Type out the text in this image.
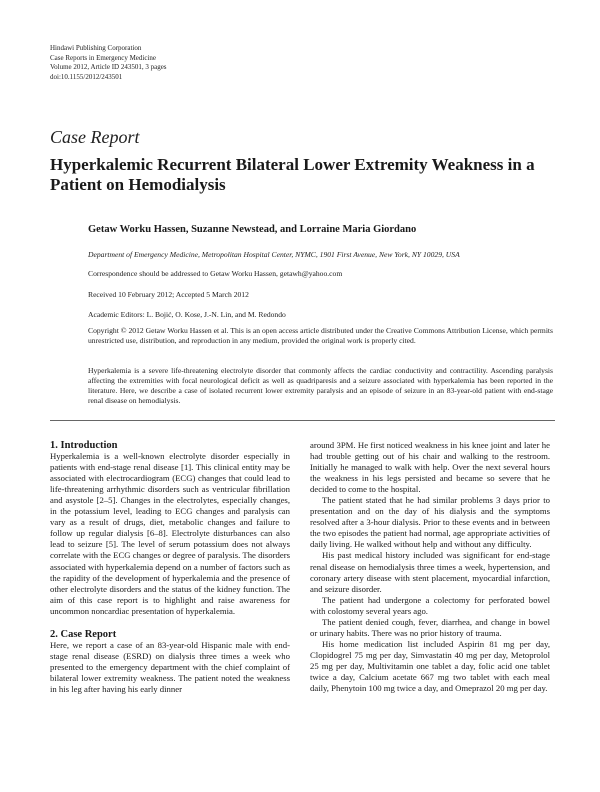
Hindawi Publishing Corporation
Case Reports in Emergency Medicine
Volume 2012, Article ID 243501, 3 pages
doi:10.1155/2012/243501
Case Report
Hyperkalemic Recurrent Bilateral Lower Extremity Weakness in a Patient on Hemodialysis
Getaw Worku Hassen, Suzanne Newstead, and Lorraine Maria Giordano
Department of Emergency Medicine, Metropolitan Hospital Center, NYMC, 1901 First Avenue, New York, NY 10029, USA
Correspondence should be addressed to Getaw Worku Hassen, getawh@yahoo.com
Received 10 February 2012; Accepted 5 March 2012
Academic Editors: L. Bojić, O. Kose, J.-N. Lin, and M. Redondo
Copyright © 2012 Getaw Worku Hassen et al. This is an open access article distributed under the Creative Commons Attribution License, which permits unrestricted use, distribution, and reproduction in any medium, provided the original work is properly cited.
Hyperkalemia is a severe life-threatening electrolyte disorder that commonly affects the cardiac conductivity and contractility. Ascending paralysis affecting the extremities with focal neurological deficit as well as quadriparesis and a seizure associated with hyperkalemia has been reported in the literature. Here, we describe a case of isolated recurrent lower extremity paralysis and an episode of seizure in an 83-year-old patient with end-stage renal disease on hemodialysis.

1. Introduction

Hyperkalemia is a well-known electrolyte disorder especially in patients with end-stage renal disease [1]. This clinical entity may be associated with electrocardiogram (ECG) changes that could lead to life-threatening arrhythmic disorders such as ventricular fibrillation and asystole [2–5]. Changes in the electrolytes, especially changes, in the potassium level, leading to ECG changes and paralysis can vary as a result of drugs, diet, metabolic changes and failure to follow up regular dialysis [6–8]. Electrolyte disturbances can also lead to seizure [5]. The level of serum potassium does not always correlate with the ECG changes or degree of paralysis. The disorders associated with hyperkalemia depend on a number of factors such as the rapidity of the development of hyperkalemia and the presence of other electrolyte disorders and the status of the kidney function. The aim of this case report is to highlight and raise awareness for uncommon noncardiac presentation of hyperkalemia.

2. Case Report

Here, we report a case of an 83-year-old Hispanic male with end-stage renal disease (ESRD) on dialysis three times a week who presented to the emergency department with the chief complaint of bilateral lower extremity weakness. The patient noted the weakness in his leg after having his early dinner

around 3PM. He first noticed weakness in his knee joint and later he had trouble getting out of his chair and walking to the restroom. Initially he managed to walk with help. Over the next several hours the weakness in his legs persisted and became so severe that he decided to come to the hospital.

The patient stated that he had similar problems 3 days prior to presentation and on the day of his dialysis and the symptoms resolved after a 3-hour dialysis. Prior to these events and in between the two episodes the patient had normal, age appropriate activities of daily living. He walked without help and without any difficulty.

His past medical history included was significant for end-stage renal disease on hemodialysis three times a week, hypertension, and coronary artery disease with stent placement, myocardial infarction, and seizure disorder.

The patient had undergone a colectomy for perforated bowel with colostomy several years ago.

The patient denied cough, fever, diarrhea, and change in bowel or urinary habits. There was no prior history of trauma.

His home medication list included Aspirin 81 mg per day, Clopidogrel 75 mg per day, Simvastatin 40 mg per day, Metoprolol 25 mg per day, Multivitamin one tablet a day, folic acid one tablet twice a day, Calcium acetate 667 mg two tablet with each meal daily, Phenytoin 100 mg twice a day, and Omeprazol 20 mg per day.
